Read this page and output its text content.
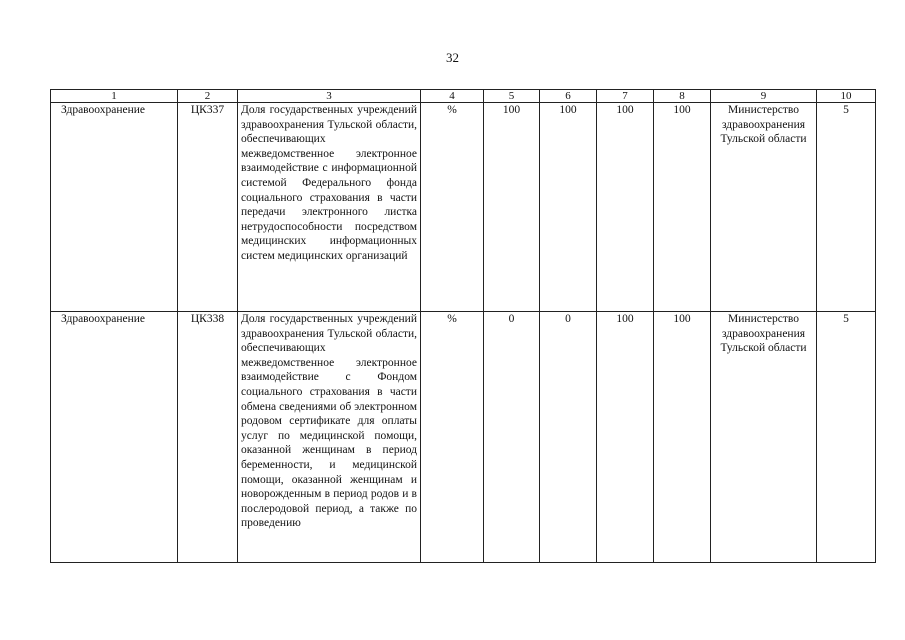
32
1	2	3	4	5	6	7	8	9	10
Здравоохранение	ЦК337	Доля государственных учреждений здравоохранения Тульской области, обеспечивающих межведомственное электронное взаимодействие с информационной системой Федерального фонда социального страхования в части передачи электронного листка нетрудоспособности посредством медицинских информационных систем медицинских организаций	%	100	100	100	100	Министерство здравоохранения Тульской области	5
Здравоохранение	ЦК338	Доля государственных учреждений здравоохранения Тульской области, обеспечивающих межведомственное электронное взаимодействие с Фондом социального страхования в части обмена сведениями об электронном родовом сертификате для оплаты услуг по медицинской помощи, оказанной женщинам в период беременности, и медицинской помощи, оказанной женщинам и новорожденным в период родов и в послеродовой период, а также по проведению	%	0	0	100	100	Министерство здравоохранения Тульской области	5
